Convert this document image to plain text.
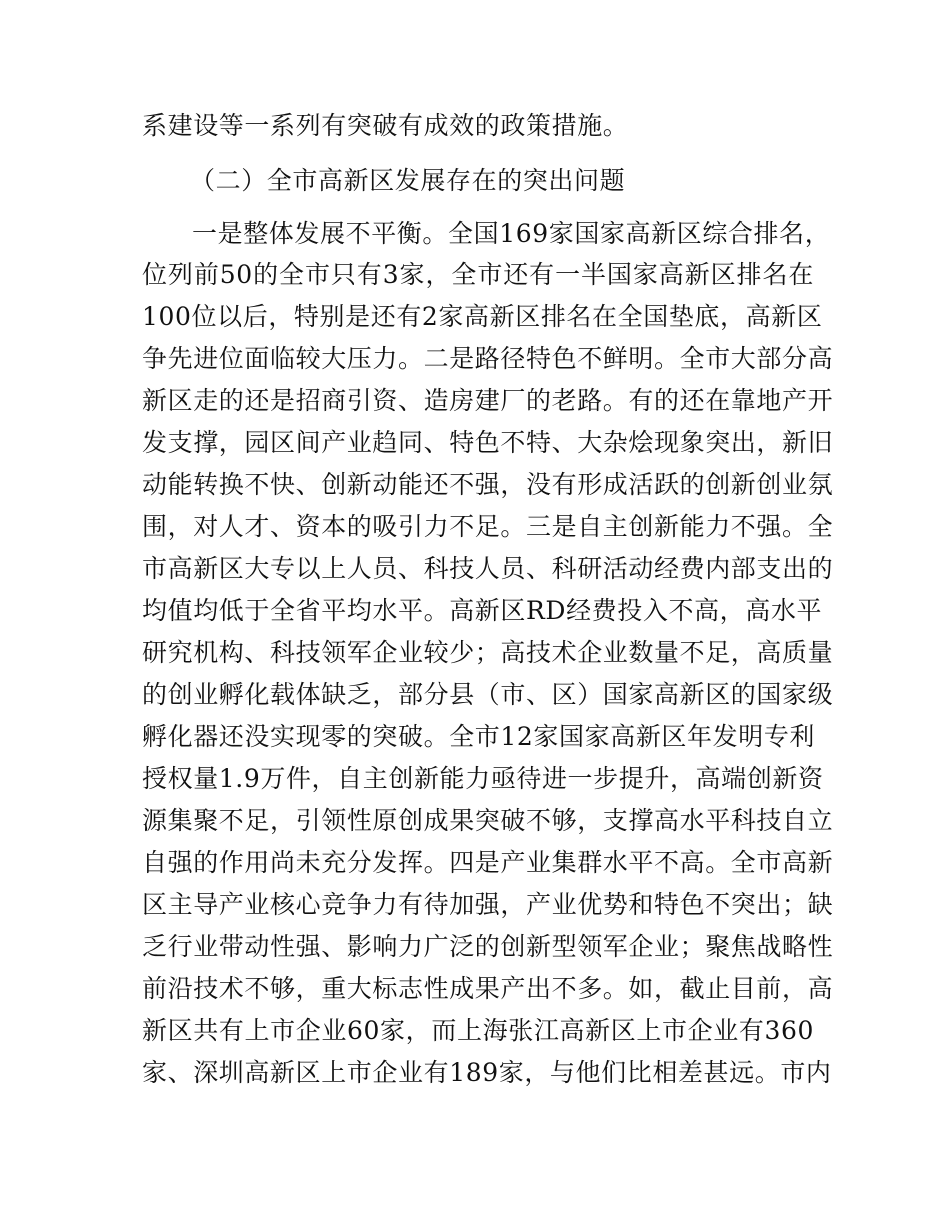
系建设等一系列有突破有成效的政策措施。
（二）全市高新区发展存在的突出问题
一是整体发展不平衡。全国169家国家高新区综合排名，
位列前50的全市只有3家，全市还有一半国家高新区排名在
100位以后，特别是还有2家高新区排名在全国垫底，高新区
争先进位面临较大压力。二是路径特色不鲜明。全市大部分高
新区走的还是招商引资、造房建厂的老路。有的还在靠地产开
发支撑，园区间产业趋同、特色不特、大杂烩现象突出，新旧
动能转换不快、创新动能还不强，没有形成活跃的创新创业氛
围，对人才、资本的吸引力不足。三是自主创新能力不强。全
市高新区大专以上人员、科技人员、科研活动经费内部支出的
均值均低于全省平均水平。高新区RD经费投入不高，高水平
研究机构、科技领军企业较少；高技术企业数量不足，高质量
的创业孵化载体缺乏，部分县（市、区）国家高新区的国家级
孵化器还没实现零的突破。全市12家国家高新区年发明专利
授权量1.9万件，自主创新能力亟待进一步提升，高端创新资
源集聚不足，引领性原创成果突破不够，支撑高水平科技自立
自强的作用尚未充分发挥。四是产业集群水平不高。全市高新
区主导产业核心竞争力有待加强，产业优势和特色不突出；缺
乏行业带动性强、影响力广泛的创新型领军企业；聚焦战略性
前沿技术不够，重大标志性成果产出不多。如，截止目前，高
新区共有上市企业60家，而上海张江高新区上市企业有360
家、深圳高新区上市企业有189家，与他们比相差甚远。市内
